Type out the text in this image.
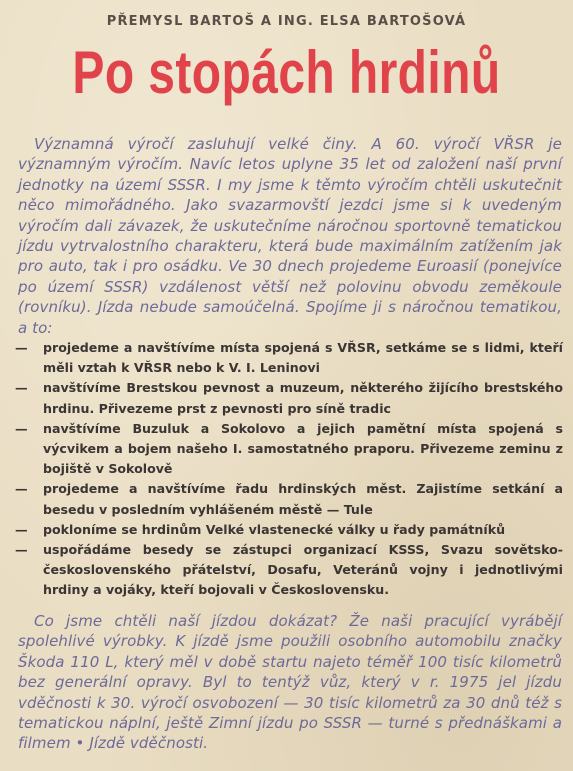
PŘEMYSL BARTOŠ A ING. ELSA BARTOŠOVÁ
Po stopách hrdinů
Významná výročí zasluhují velké činy. A 60. výročí VŘSR je významným výročím. Navíc letos uplyne 35 let od založení naší první jednotky na území SSSR. I my jsme k těmto výročím chtěli uskutečnit něco mimořádného. Jako svazarmovští jezdci jsme si k uvedeným výročím dali závazek, že uskutečníme náročnou sportovně tematickou jízdu vytrvalostního charakteru, která bude maximálním zatížením jak pro auto, tak i pro osádku. Ve 30 dnech projedeme Euroasií (ponejvíce po území SSSR) vzdálenost větší než polovinu obvodu zeměkoule (rovníku). Jízda nebude samoúčelná. Spojíme ji s náročnou tematikou, a to:
— projedeme a navštívíme místa spojená s VŘSR, setkáme se s lidmi, kteří měli vztah k VŘSR nebo k V. I. Leninovi
— navštívíme Brestskou pevnost a muzeum, některého žijícího brestského hrdinu. Přivezeme prst z pevnosti pro síně tradic
— navštívíme Buzuluk a Sokolovo a jejich pamětní místa spojená s výcvikem a bojem našeho I. samostatného praporu. Přivezeme zeminu z bojiště v Sokolově
— projedeme a navštívíme řadu hrdinských měst. Zajistíme setkání a besedu v posledním vyhlášeném městě — Tule
— pokloníme se hrdinům Velké vlastenecké války u řady památníků
— uspořádáme besedy se zástupci organizací KSSS, Svazu sovětsko-československého přátelství, Dosafu, Veteránů vojny i jednotlivými hrdiny a vojáky, kteří bojovali v Československu.
Co jsme chtěli naší jízdou dokázat? Že naši pracující vyrábějí spolehlivé výrobky. K jízdě jsme použili osobního automobilu značky Škoda 110 L, který měl v době startu najeto téměř 100 tisíc kilometrů bez generální opravy. Byl to tentýž vůz, který v r. 1975 jel jízdu vděčnosti k 30. výročí osvobození — 30 tisíc kilometrů za 30 dnů též s tematickou náplní, ještě Zimní jízdu po SSSR — turné s přednáškami a filmem • Jízdě vděčnosti.
